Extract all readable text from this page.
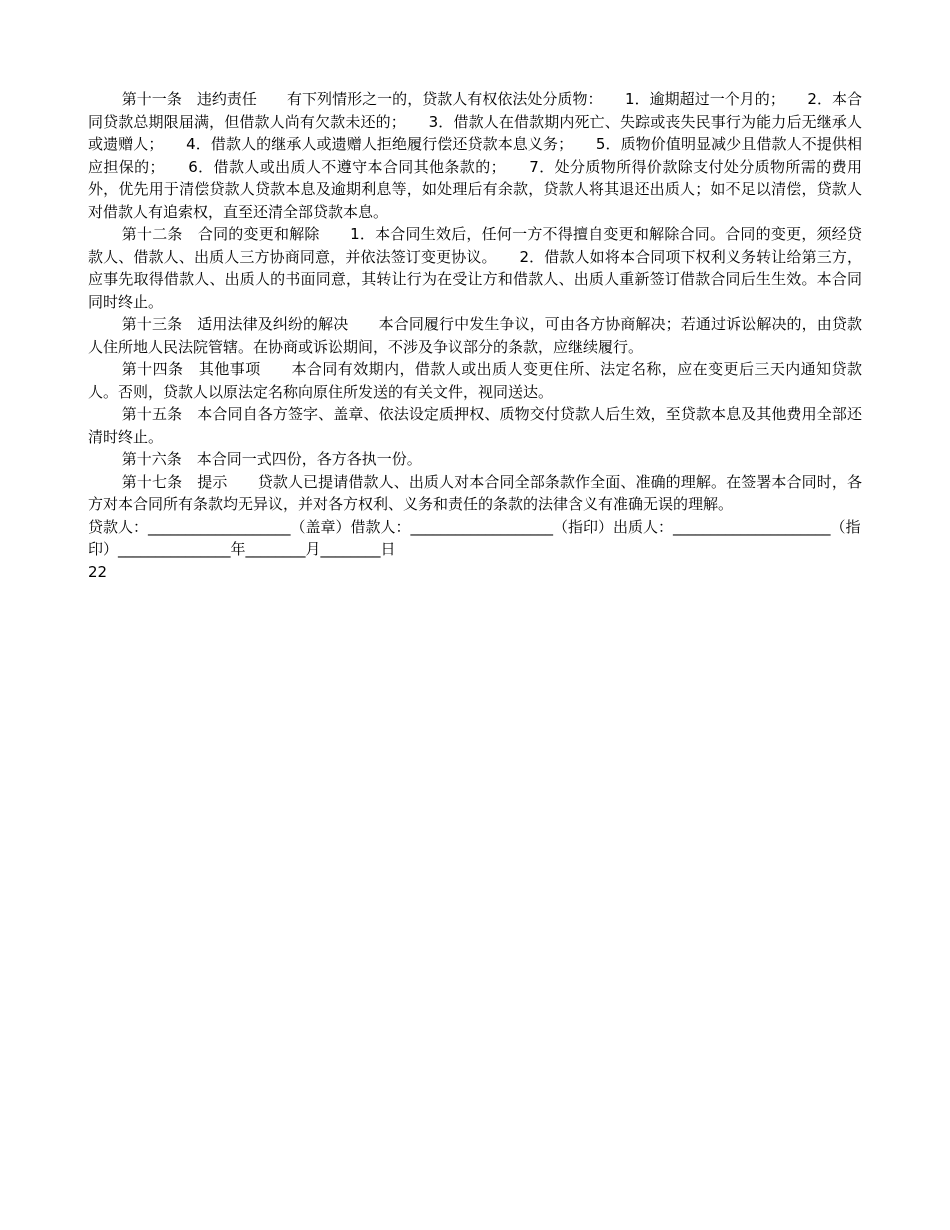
第十一条　违约责任　　有下列情形之一的，贷款人有权依法处分质物：　　1．逾期超过一个月的；　　2．本合同贷款总期限届满，但借款人尚有欠款未还的；　　3．借款人在借款期内死亡、失踪或丧失民事行为能力后无继承人或遗赠人；　　4．借款人的继承人或遗赠人拒绝履行偿还贷款本息义务；　　5．质物价值明显减少且借款人不提供相应担保的；　　6．借款人或出质人不遵守本合同其他条款的；　　7．处分质物所得价款除支付处分质物所需的费用外，优先用于清偿贷款人贷款本息及逾期利息等，如处理后有余款，贷款人将其退还出质人；如不足以清偿，贷款人对借款人有追索权，直至还清全部贷款本息。

第十二条　合同的变更和解除　　1．本合同生效后，任何一方不得擅自变更和解除合同。合同的变更，须经贷款人、借款人、出质人三方协商同意，并依法签订变更协议。　　2．借款人如将本合同项下权利义务转让给第三方，应事先取得借款人、出质人的书面同意，其转让行为在受让方和借款人、出质人重新签订借款合同后生生效。本合同同时终止。

第十三条　适用法律及纠纷的解决　　本合同履行中发生争议，可由各方协商解决；若通过诉讼解决的，由贷款人住所地人民法院管辖。在协商或诉讼期间，不涉及争议部分的条款，应继续履行。

第十四条　其他事项　　本合同有效期内，借款人或出质人变更住所、法定名称，应在变更后三天内通知贷款人。否则，贷款人以原法定名称向原住所发送的有关文件，视同送达。

第十五条　本合同自各方签字、盖章、依法设定质押权、质物交付贷款人后生效，至贷款本息及其他费用全部还清时终止。

第十六条　本合同一式四份，各方各执一份。

第十七条　提示　　贷款人已提请借款人、出质人对本合同全部条款作全面、准确的理解。在签署本合同时，各方对本合同所有条款均无异议，并对各方权利、义务和责任的条款的法律含义有准确无误的理解。

贷款人：___________________（盖章）借款人：___________________（指印）出质人：_____________________（指印）_______________年________月________日

22
